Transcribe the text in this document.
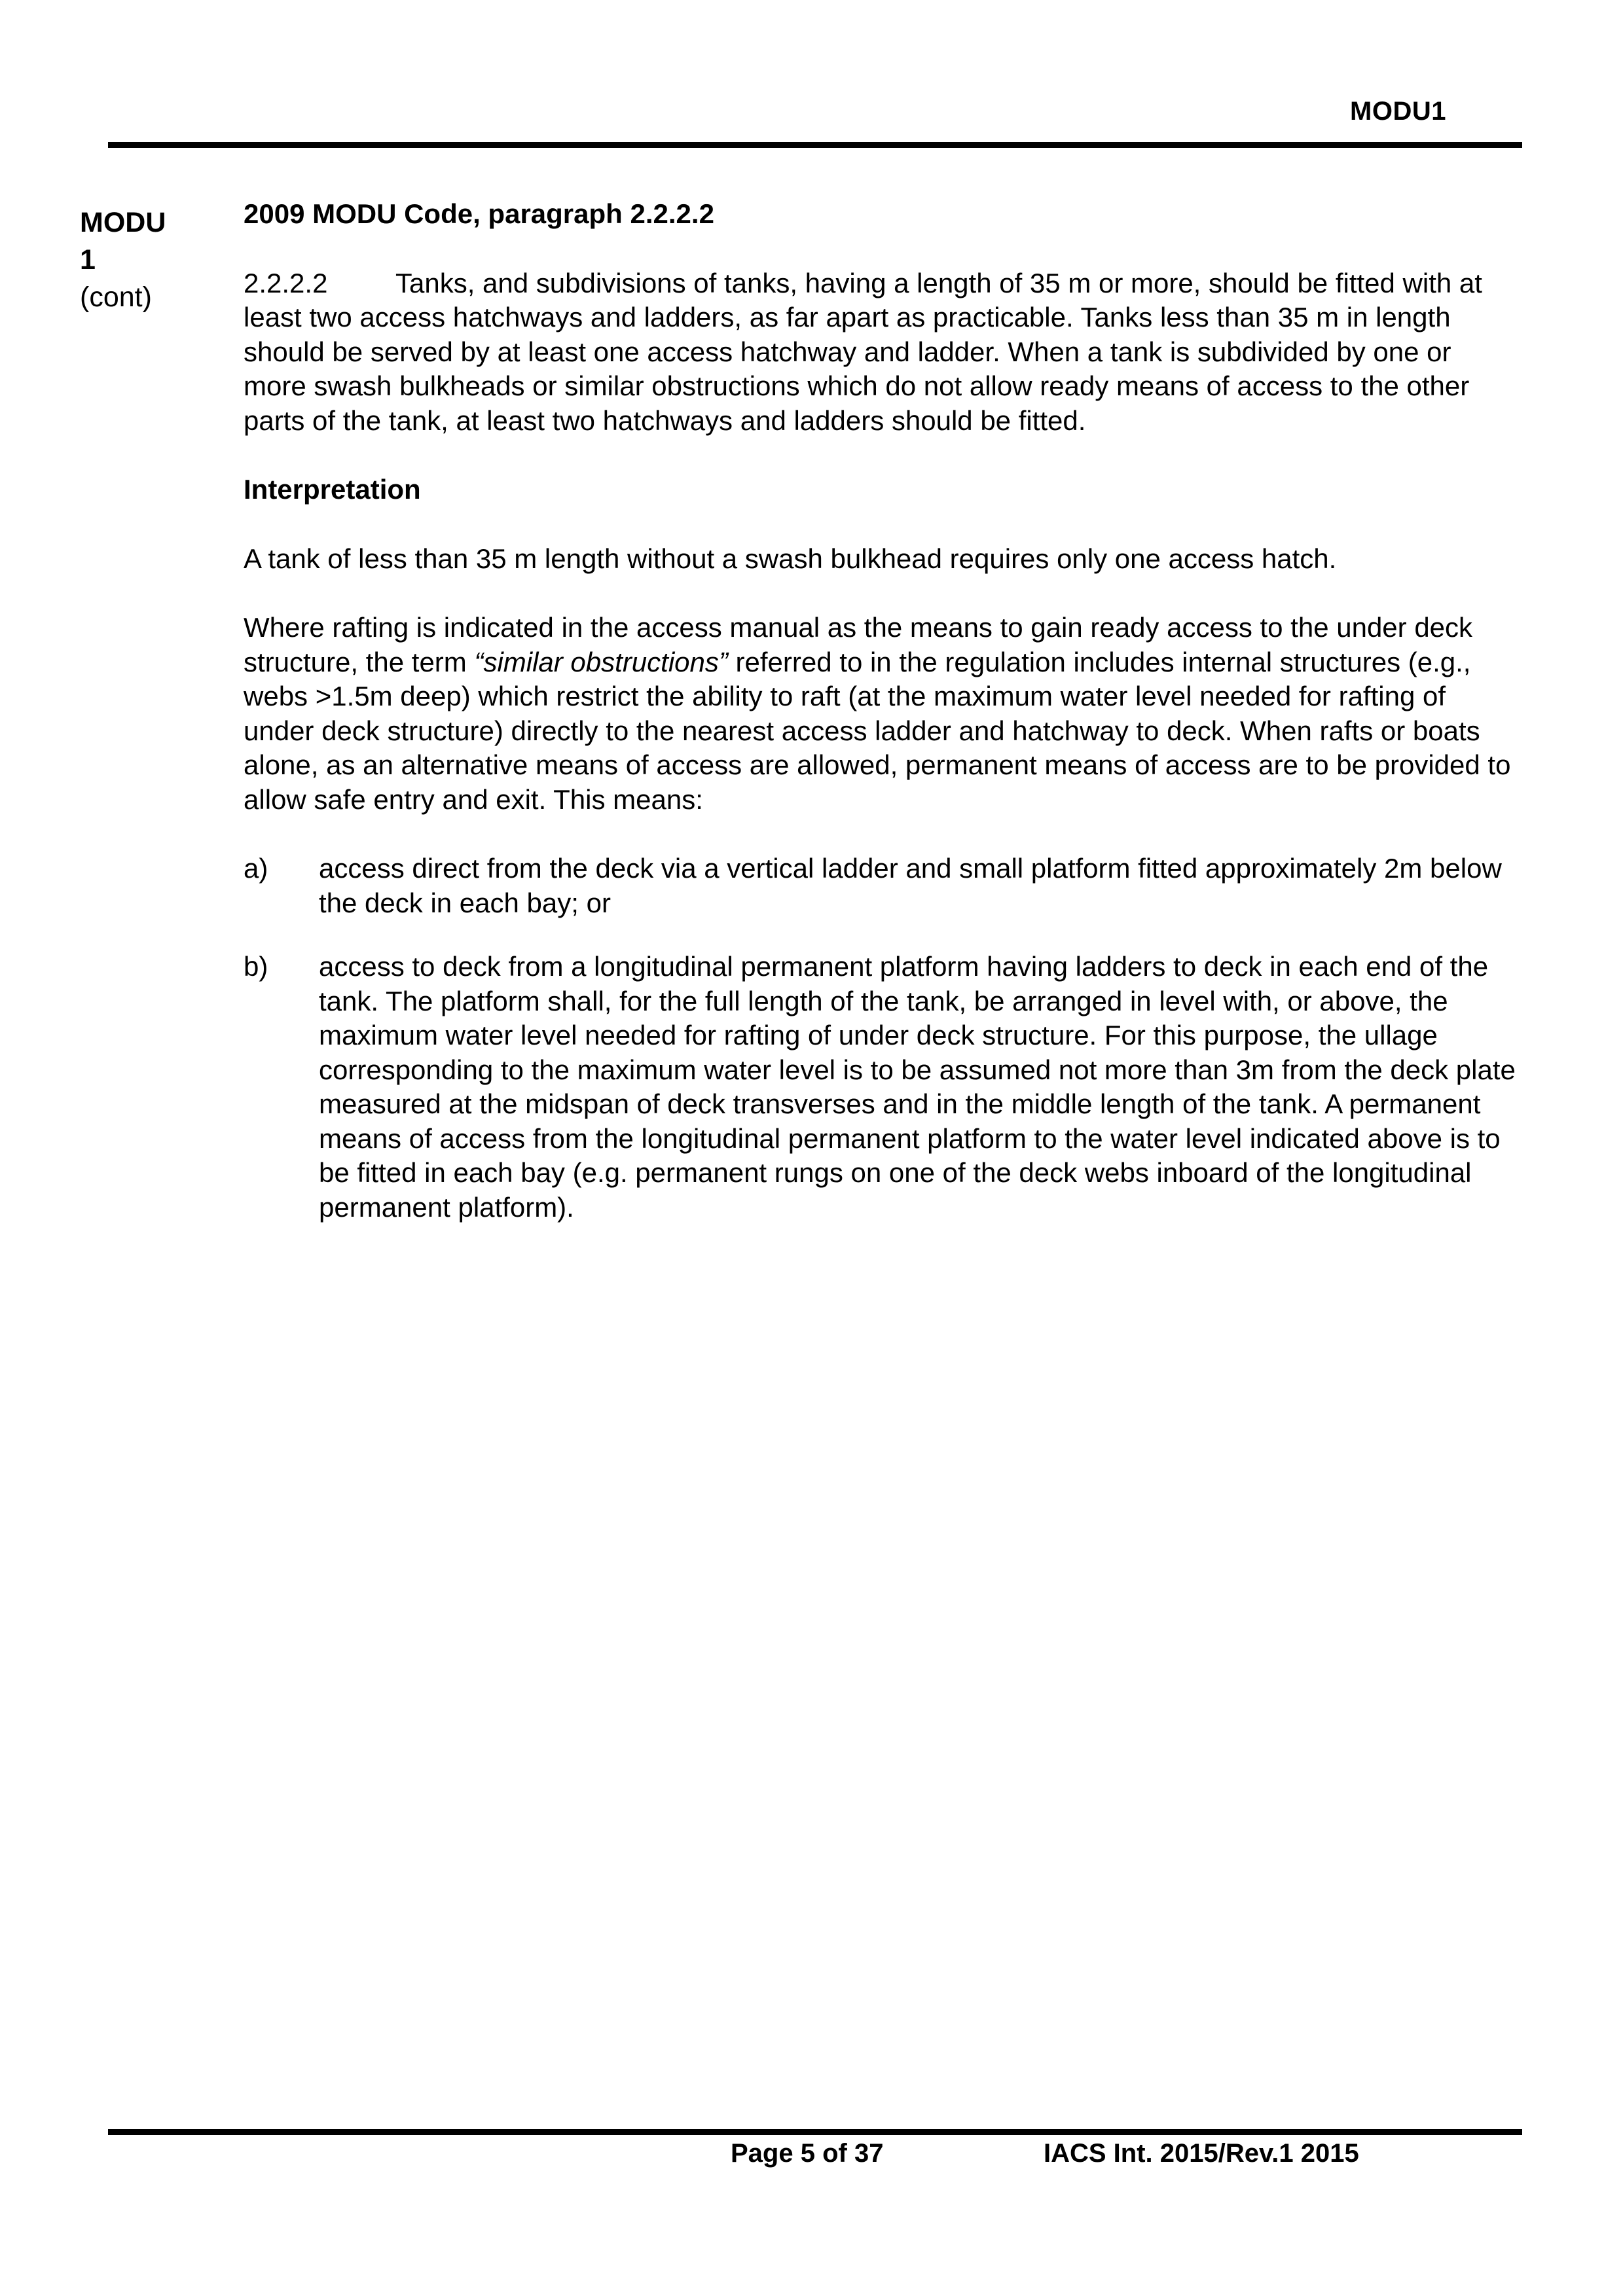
MODU1
MODU
1
(cont)

2009 MODU Code, paragraph 2.2.2.2

2.2.2.2 Tanks, and subdivisions of tanks, having a length of 35 m or more, should be fitted with at least two access hatchways and ladders, as far apart as practicable. Tanks less than 35 m in length should be served by at least one access hatchway and ladder. When a tank is subdivided by one or more swash bulkheads or similar obstructions which do not allow ready means of access to the other parts of the tank, at least two hatchways and ladders should be fitted.

Interpretation

A tank of less than 35 m length without a swash bulkhead requires only one access hatch.

Where rafting is indicated in the access manual as the means to gain ready access to the under deck structure, the term “similar obstructions” referred to in the regulation includes internal structures (e.g., webs >1.5m deep) which restrict the ability to raft (at the maximum water level needed for rafting of under deck structure) directly to the nearest access ladder and hatchway to deck. When rafts or boats alone, as an alternative means of access are allowed, permanent means of access are to be provided to allow safe entry and exit. This means:

a)	access direct from the deck via a vertical ladder and small platform fitted approximately 2m below the deck in each bay; or
b)	access to deck from a longitudinal permanent platform having ladders to deck in each end of the tank. The platform shall, for the full length of the tank, be arranged in level with, or above, the maximum water level needed for rafting of under deck structure. For this purpose, the ullage corresponding to the maximum water level is to be assumed not more than 3m from the deck plate measured at the midspan of deck transverses and in the middle length of the tank. A permanent means of access from the longitudinal permanent platform to the water level indicated above is to be fitted in each bay (e.g. permanent rungs on one of the deck webs inboard of the longitudinal permanent platform).
Page 5 of 37	IACS Int. 2015/Rev.1 2015
